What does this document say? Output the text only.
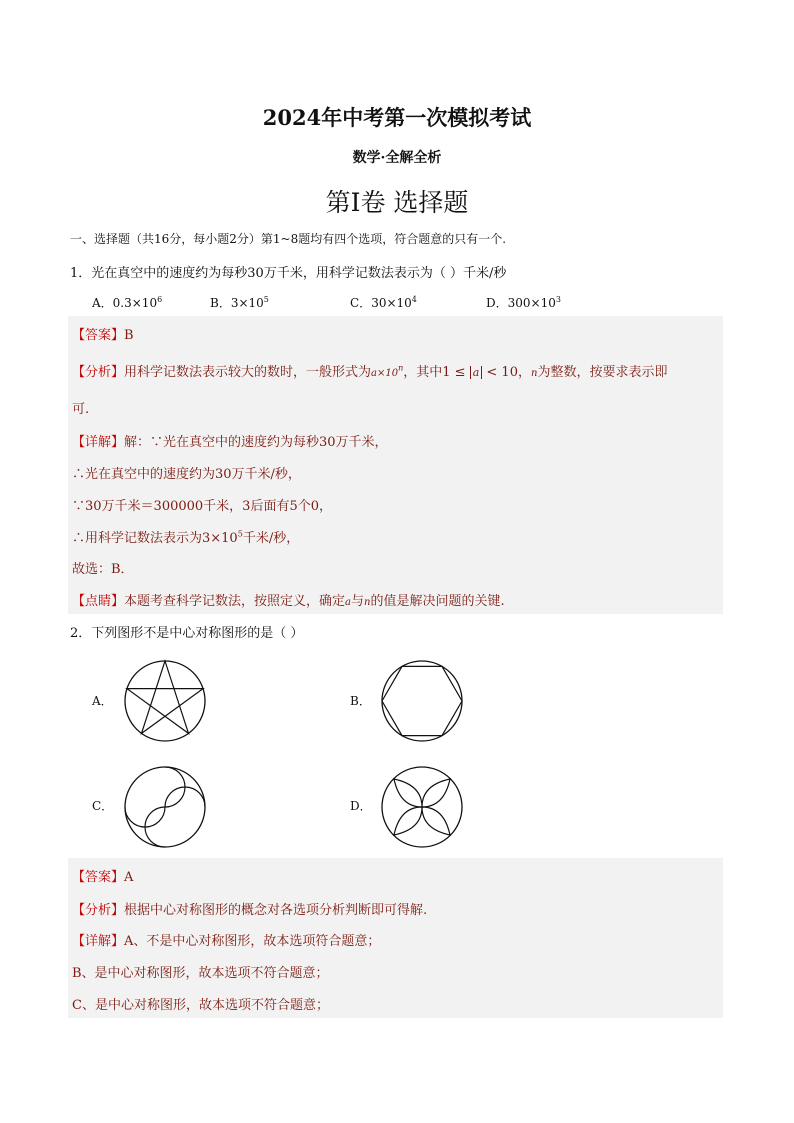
2024年中考第一次模拟考试
数学·全解全析
第Ⅰ卷 选择题
一、选择题（共16分，每小题2分）第1~8题均有四个选项，符合题意的只有一个.
1．光在真空中的速度约为每秒30万千米，用科学记数法表示为（ ）千米/秒
A．$0.3\times 10^6$	B．$3\times 10^5$	C．$30\times 10^4$	D．$300\times 10^3$
【答案】B
【分析】用科学记数法表示较大的数时，一般形式为$a\times 10^n$，其中1 ≤ a < 10，n为整数，按要求表示即
可.
【详解】解：∵光在真空中的速度约为每秒30万千米，
∴光在真空中的速度约为30万千米/秒，
∵30万千米＝300000千米，3后面有5个0，
∴用科学记数法表示为$3\times 10^5$千米/秒，
故选：B．
【点睛】本题考查科学记数法，按照定义，确定a与n的值是解决问题的关键.
2．下列图形不是中心对称图形的是（ ）
A．	B．
C．	D．
【答案】A
【分析】根据中心对称图形的概念对各选项分析判断即可得解.
【详解】A、不是中心对称图形，故本选项符合题意；
B、是中心对称图形，故本选项不符合题意；
C、是中心对称图形，故本选项不符合题意；
